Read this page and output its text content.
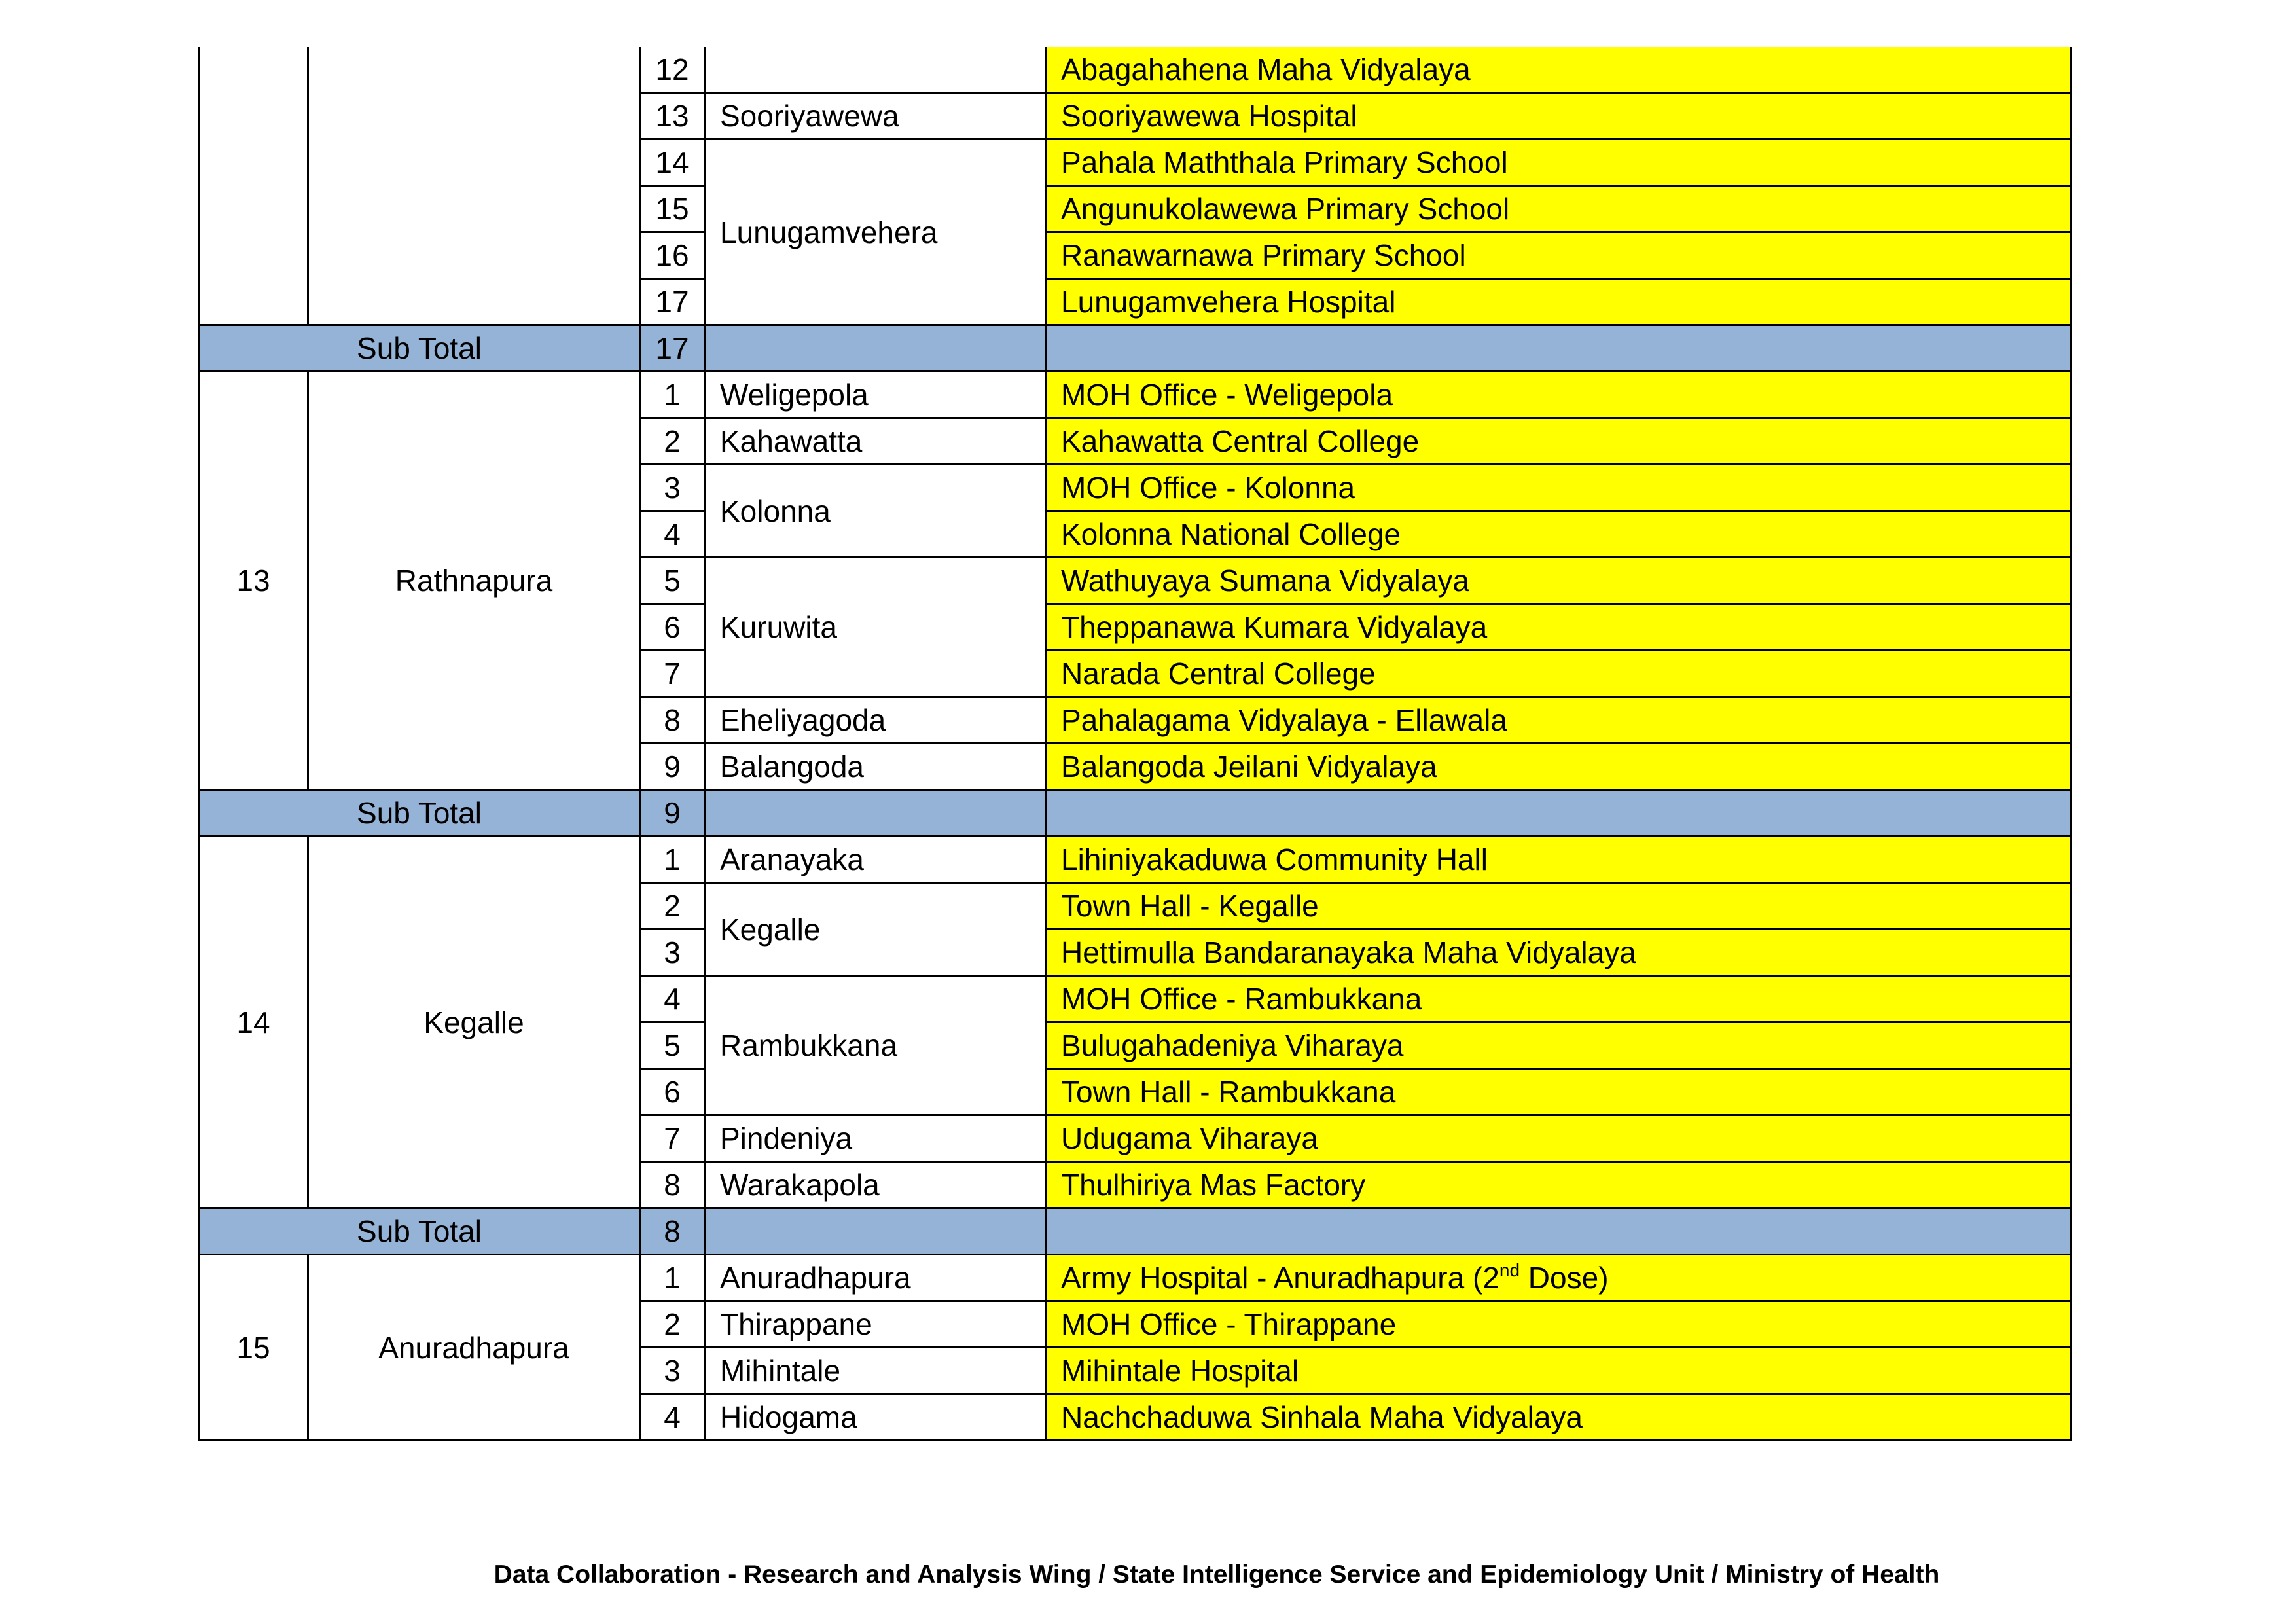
		12		Abagahahena Maha Vidyalaya
		13	Sooriyawewa	Sooriyawewa Hospital
		14	Lunugamvehera	Pahala Maththala Primary School
		15		Angunukolawewa Primary School
		16		Ranawarnawa Primary School
		17		Lunugamvehera Hospital
Sub Total		17		
13	Rathnapura	1	Weligepola	MOH Office - Weligepola
		2	Kahawatta	Kahawatta Central College
		3	Kolonna	MOH Office - Kolonna
		4		Kolonna National College
		5	Kuruwita	Wathuyaya Sumana Vidyalaya
		6		Theppanawa Kumara Vidyalaya
		7		Narada Central College
		8	Eheliyagoda	Pahalagama Vidyalaya - Ellawala
		9	Balangoda	Balangoda Jeilani Vidyalaya
Sub Total		9		
14	Kegalle	1	Aranayaka	Lihiniyakaduwa Community Hall
		2	Kegalle	Town Hall - Kegalle
		3		Hettimulla Bandaranayaka Maha Vidyalaya
		4	Rambukkana	MOH Office - Rambukkana
		5		Bulugahadeniya Viharaya
		6		Town Hall - Rambukkana
		7	Pindeniya	Udugama Viharaya
		8	Warakapola	Thulhiriya Mas Factory
Sub Total		8		
15	Anuradhapura	1	Anuradhapura	Army Hospital - Anuradhapura (2nd Dose)
		2	Thirappane	MOH Office - Thirappane
		3	Mihintale	Mihintale Hospital
		4	Hidogama	Nachchaduwa Sinhala Maha Vidyalaya
Data Collaboration - Research and Analysis Wing / State Intelligence Service and Epidemiology Unit / Ministry of Health
